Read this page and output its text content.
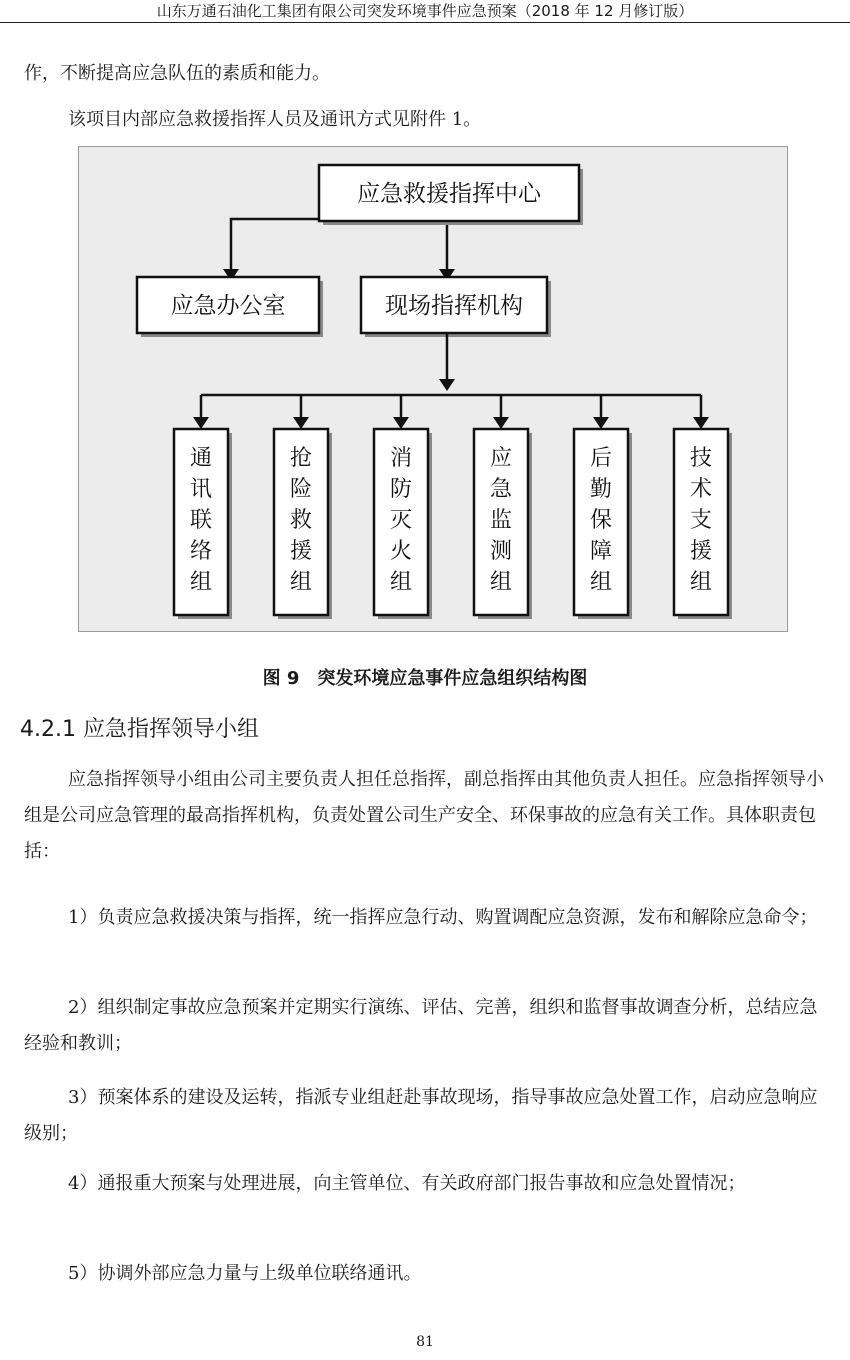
山东万通石油化工集团有限公司突发环境事件应急预案（2018 年 12 月修订版）

作，不断提高应急队伍的素质和能力。

该项目内部应急救援指挥人员及通讯方式见附件 1。

应急救援指挥中心
应急办公室	现场指挥机构
通
讯
联
络
组
抢
险
救
援
组
消
防
灭
火
组
应
急
监
测
组
后
勤
保
障
组
技
术
支
援
组
图 9　突发环境应急事件应急组织结构图
4.2.1 应急指挥领导小组

应急指挥领导小组由公司主要负责人担任总指挥，副总指挥由其他负责人担任。应急指挥领导小组是公司应急管理的最高指挥机构，负责处置公司生产安全、环保事故的应急有关工作。具体职责包括：

1）负责应急救援决策与指挥，统一指挥应急行动、购置调配应急资源，发布和解除应急命令；

2）组织制定事故应急预案并定期实行演练、评估、完善，组织和监督事故调查分析，总结应急经验和教训；

3）预案体系的建设及运转，指派专业组赶赴事故现场，指导事故应急处置工作，启动应急响应级别；

4）通报重大预案与处理进展，向主管单位、有关政府部门报告事故和应急处置情况；

5）协调外部应急力量与上级单位联络通讯。

81
